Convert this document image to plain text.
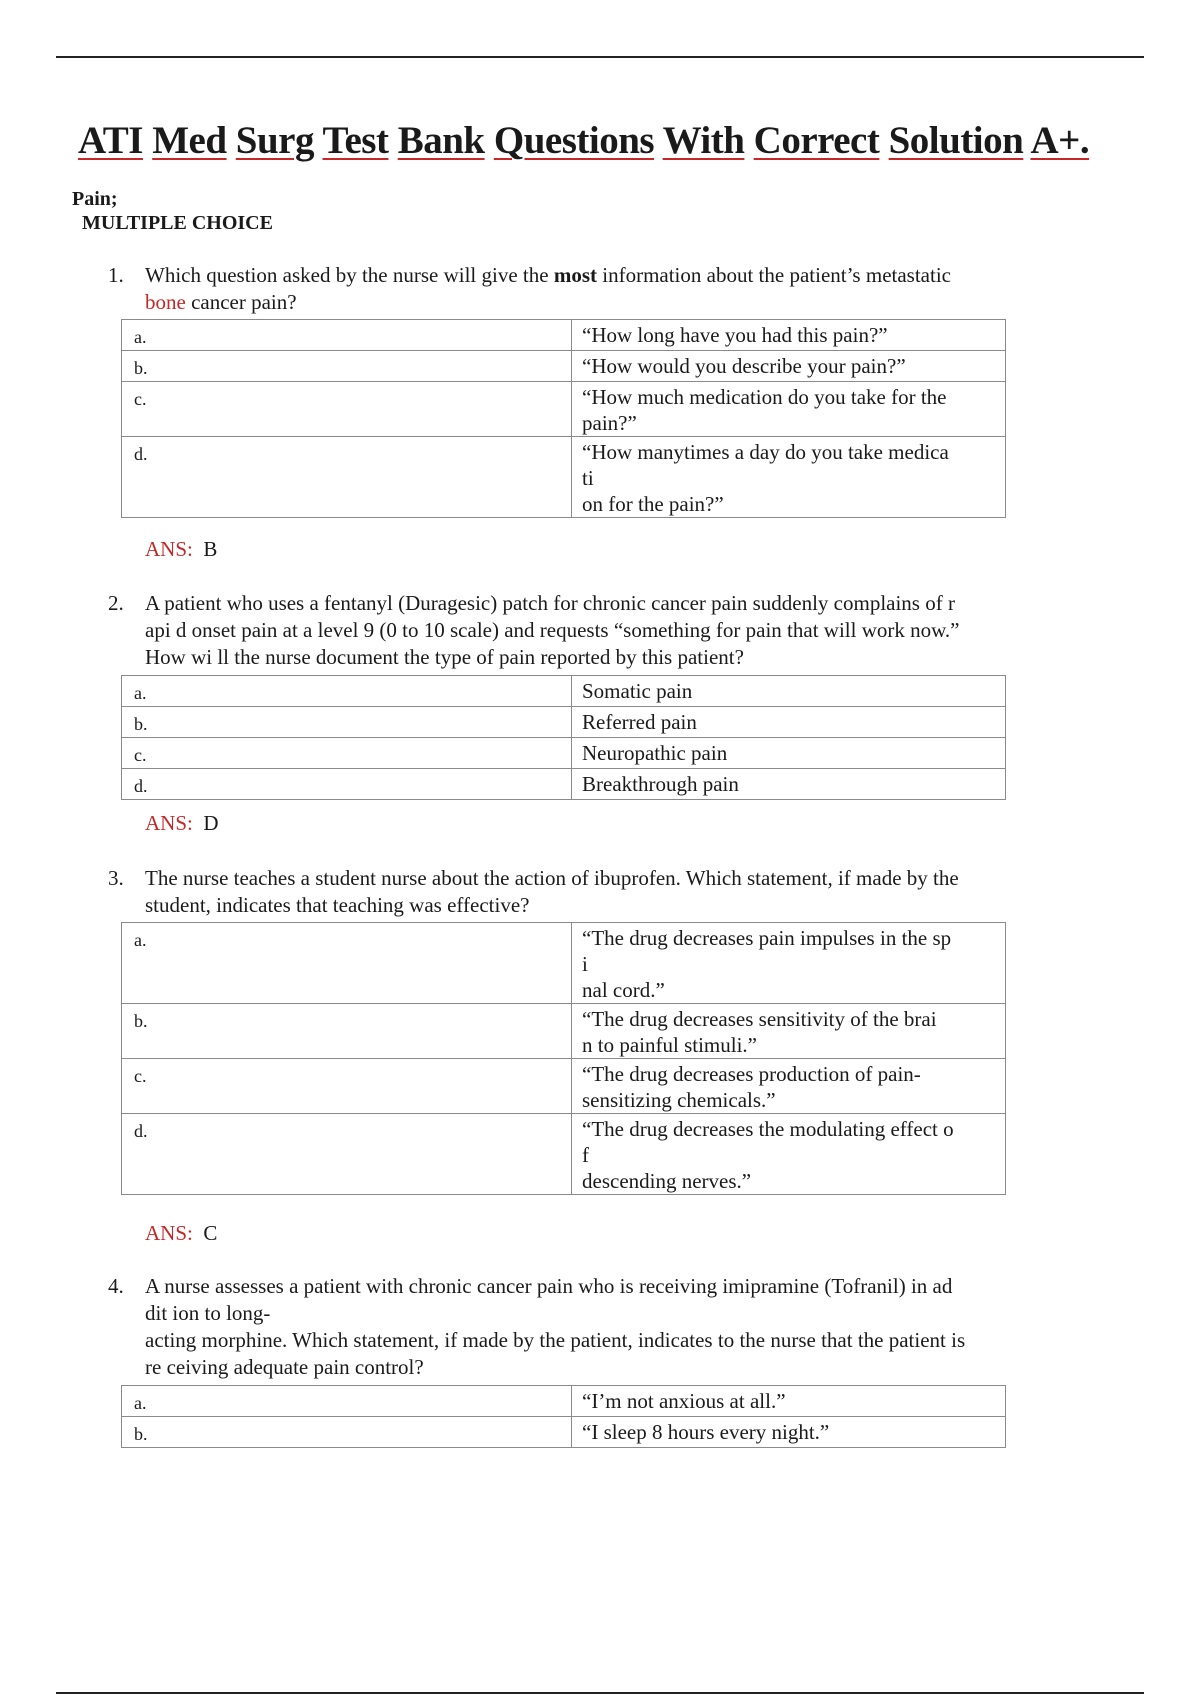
ATI Med Surg Test Bank Questions With Correct Solution A+.
Pain;
MULTIPLE CHOICE
1. Which question asked by the nurse will give the most information about the patient’s metastatic
bone cancer pain?
a.	“How long have you had this pain?”
b.	“How would you describe your pain?”
c.	“How much medication do you take for the
pain?”
d.	“How manytimes a day do you take medica
ti
on for the pain?”
ANS: B
2. A patient who uses a fentanyl (Duragesic) patch for chronic cancer pain suddenly complains of r
api d onset pain at a level 9 (0 to 10 scale) and requests “something for pain that will work now.”
How wi ll the nurse document the type of pain reported by this patient?
a.	Somatic pain
b.	Referred pain
c.	Neuropathic pain
d.	Breakthrough pain
ANS: D
3. The nurse teaches a student nurse about the action of ibuprofen. Which statement, if made by the
student, indicates that teaching was effective?
a.	“The drug decreases pain impulses in the sp
i
nal cord.”
b.	“The drug decreases sensitivity of the brai
n to painful stimuli.”
c.	“The drug decreases production of pain-
sensitizing chemicals.”
d.	“The drug decreases the modulating effect o
f
descending nerves.”
ANS: C
4. A nurse assesses a patient with chronic cancer pain who is receiving imipramine (Tofranil) in ad
dit ion to long-
acting morphine. Which statement, if made by the patient, indicates to the nurse that the patient is
re ceiving adequate pain control?
a.	“I’m not anxious at all.”
b.	“I sleep 8 hours every night.”
